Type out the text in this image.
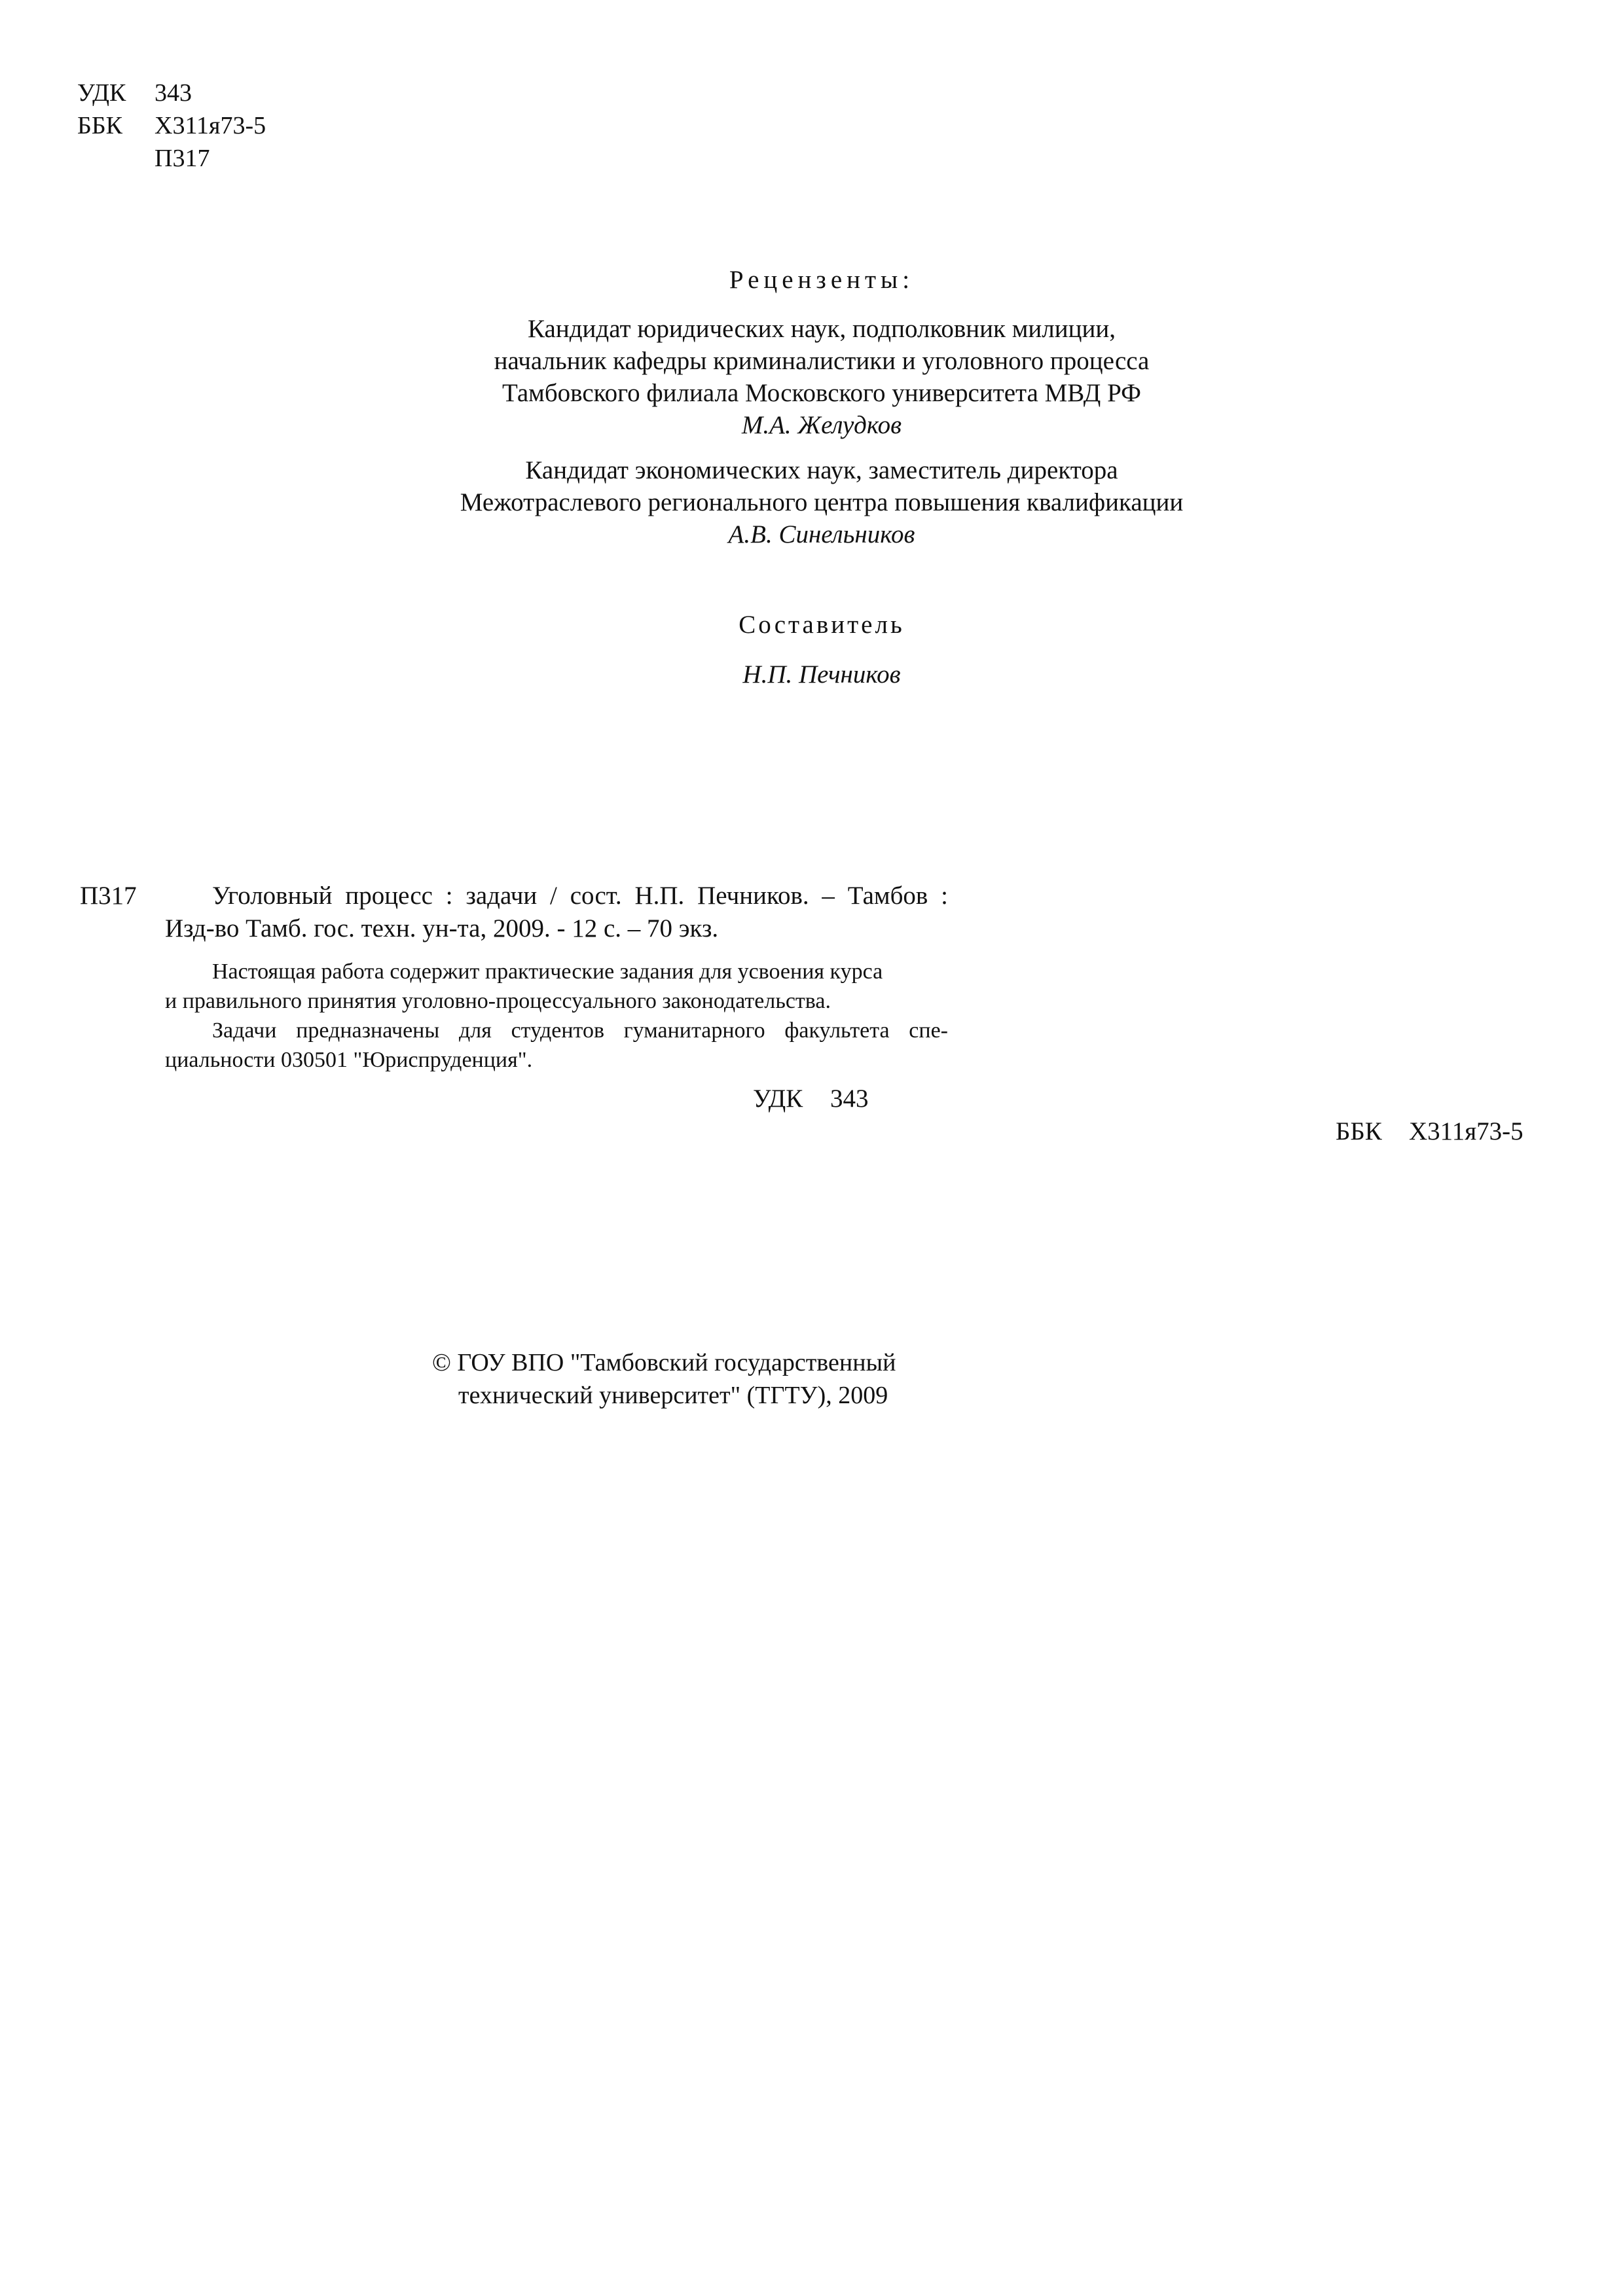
УДК 343
ББК Х311я73-5
П317
Рецензенты:
Кандидат юридических наук, подполковник милиции,
начальник кафедры криминалистики и уголовного процесса
Тамбовского филиала Московского университета МВД РФ
М.А. Желудков
Кандидат экономических наук, заместитель директора
Межотраслевого регионального центра повышения квалификации
А.В. Синельников
Составитель
Н.П. Печников
П317	Уголовный процесс : задачи / сост. Н.П. Печников. – Тамбов :
Изд-во Тамб. гос. техн. ун-та, 2009. - 12 с. – 70 экз.
Настоящая работа содержит практические задания для усвоения курса
и правильного принятия уголовно-процессуального законодательства.
Задачи предназначены для студентов гуманитарного факультета спе-
циальности 030501 "Юриспруденция".
УДК 343
ББК Х311я73-5
© ГОУ ВПО "Тамбовский государственный
технический университет" (ТГТУ), 2009
